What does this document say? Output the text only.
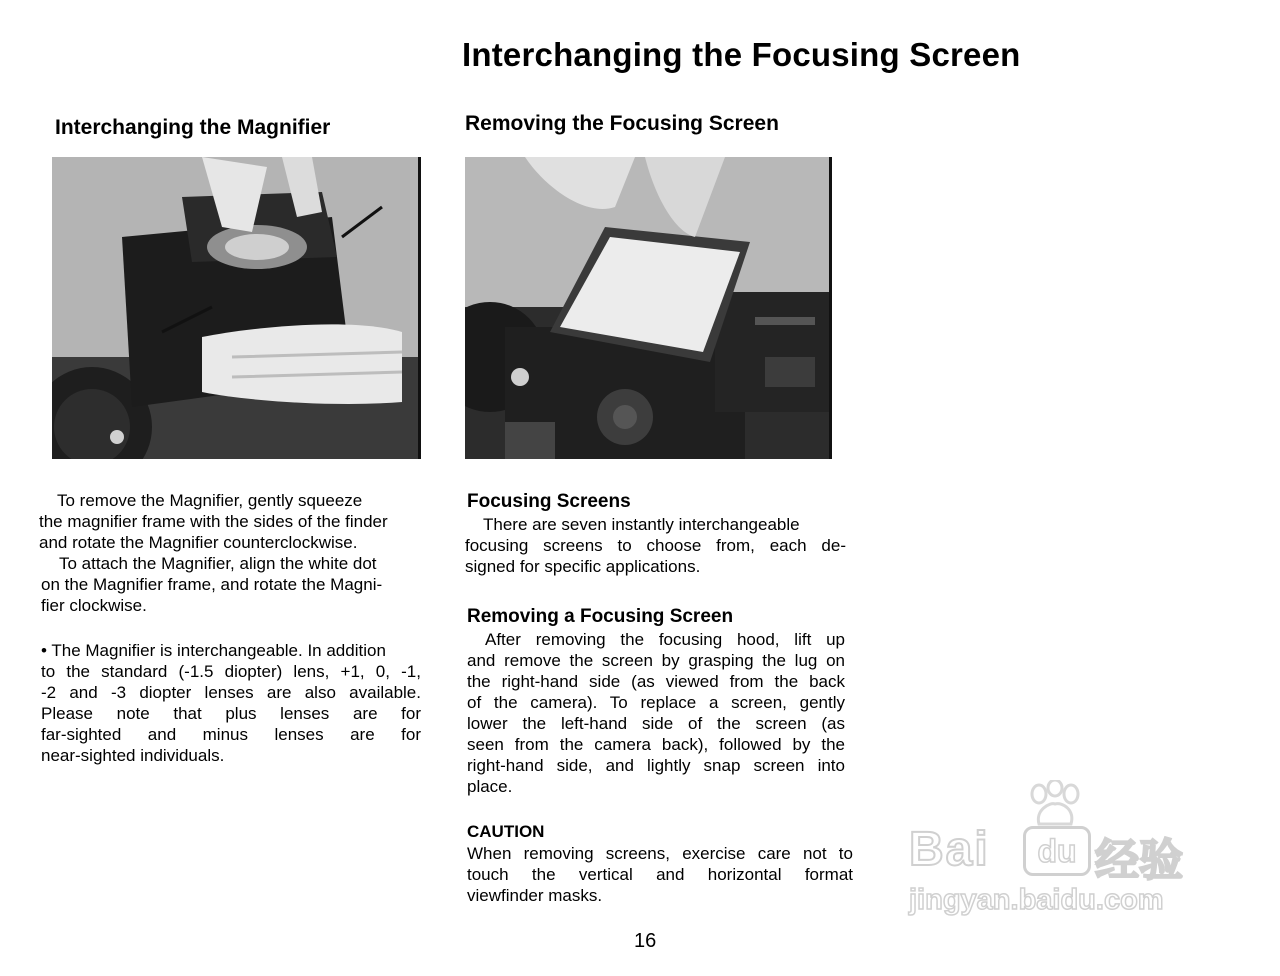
Interchanging the Focusing Screen
Interchanging the Magnifier
To remove the Magnifier, gently squeeze
the magnifier frame with the sides of the finder
and rotate the Magnifier counterclockwise.
To attach the Magnifier, align the white dot
on the Magnifier frame, and rotate the Magni-
fier clockwise.
• The Magnifier is interchangeable. In addition
to the standard (-1.5 diopter) lens, +1, 0, -1,
-2 and -3 diopter lenses are also available.
Please note that plus lenses are for
far-sighted and minus lenses are for
near-sighted individuals.
Removing the Focusing Screen
Focusing Screens
There are seven instantly interchangeable
focusing screens to choose from, each de-
signed for specific applications.
Removing a Focusing Screen
After removing the focusing hood, lift up
and remove the screen by grasping the lug on
the right-hand side (as viewed from the back
of the camera). To replace a screen, gently
lower the left-hand side of the screen (as
seen from the camera back), followed by the
right-hand side, and lightly snap screen into
place.
CAUTION
When removing screens, exercise care not to
touch the vertical and horizontal format
viewfinder masks.
16
Bai	du 经验
jingyan.baidu.com
